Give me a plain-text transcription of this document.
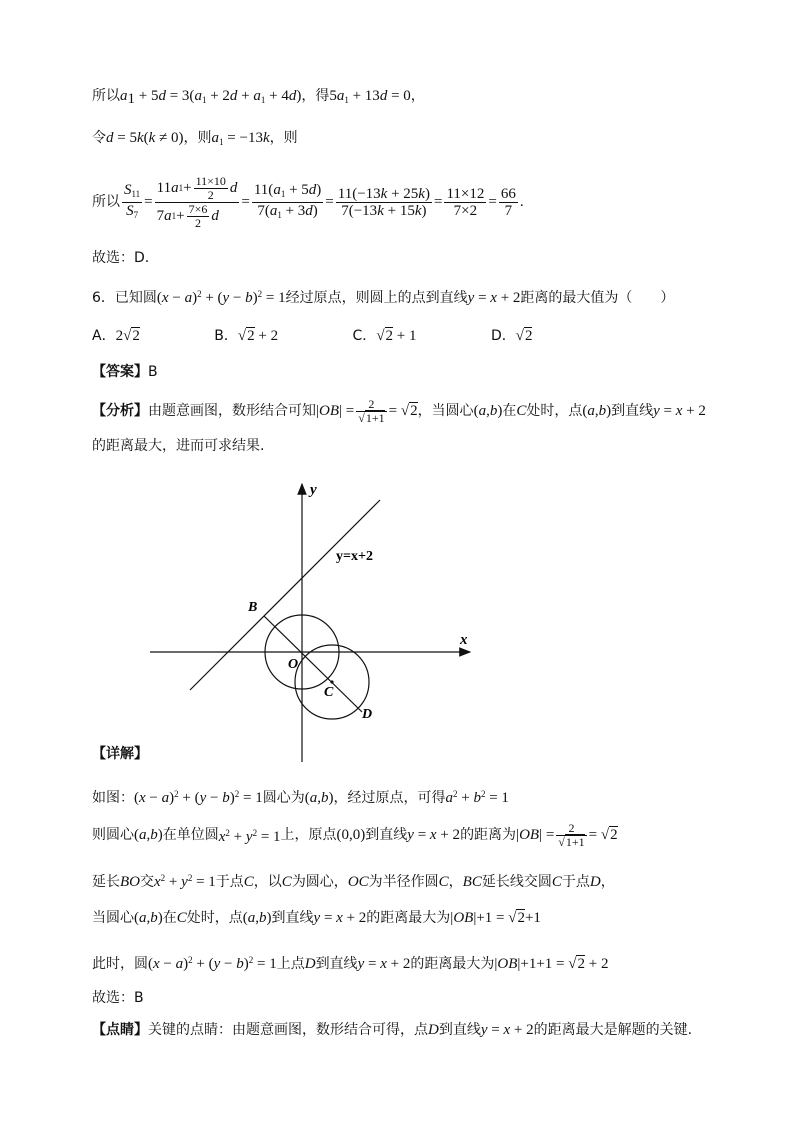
所以$a_1 + 5d = 3(a_1 + 2d + a_1 + 4d)$，得$5a_1 + 13d = 0$，
令d = 5k(k ≠ 0)，则$a_1 = -13k$，则
所以 $\frac{S_{11}}{S_7} = \frac{11 a 1 + \frac{11\times 10}{2} d}{7 a 1 + \frac{7\times 6}{2} d} = \frac{11(a_1 + 5d)}{7(a_1 + 3d)} = \frac{11(-13k + 25k)}{7(-13k + 15k)} = \frac{11\times 12}{7\times 2} = \frac{66}{7}$ .
故选：D.
6．已知圆$(x - a)^2 + (y - b)^2 = 1$经过原点，则圆上的点到直线y = x + 2距离的最大值为（　　）
A．2√2	B．√2 + 2	C．√2 + 1	D．√2
【答案】B
【分析】 由题意画图，数形结合可知 $|OB| = \frac{2}{√1+1} = √2$ ，当圆心 (a,b) 在 C 处时，点 (a,b) 到直线 y = x + 2
的距离最大，进而可求结果.
y
x
y=x+2
B
O
C
D
【详解】
如图：$(x - a)^2 + (y - b)^2 = 1$圆心为(a,b)，经过原点，可得$a^2 + b^2 = 1$
则圆心 (a,b) 在单位圆 $x^2 + y^2 = 1$ 上，原点 (0,0) 到直线 y = x + 2 的距离为 $|OB| = \frac{2}{√1+1} = √2$
延长BO交$x^2 + y^2 = 1$于点C，以C为圆心，OC为半径作圆C，BC延长线交圆C于点D，
当圆心(a,b)在C处时，点(a,b)到直线y = x + 2的距离最大为|OB|+1 = √2+1
此时，圆$(x - a)^2 + (y - b)^2 = 1$上点D到直线y = x + 2的距离最大为|OB|+1+1 = √2 + 2
故选：B
【点睛】关键的点睛：由题意画图，数形结合可得，点D到直线y = x + 2的距离最大是解题的关键.
